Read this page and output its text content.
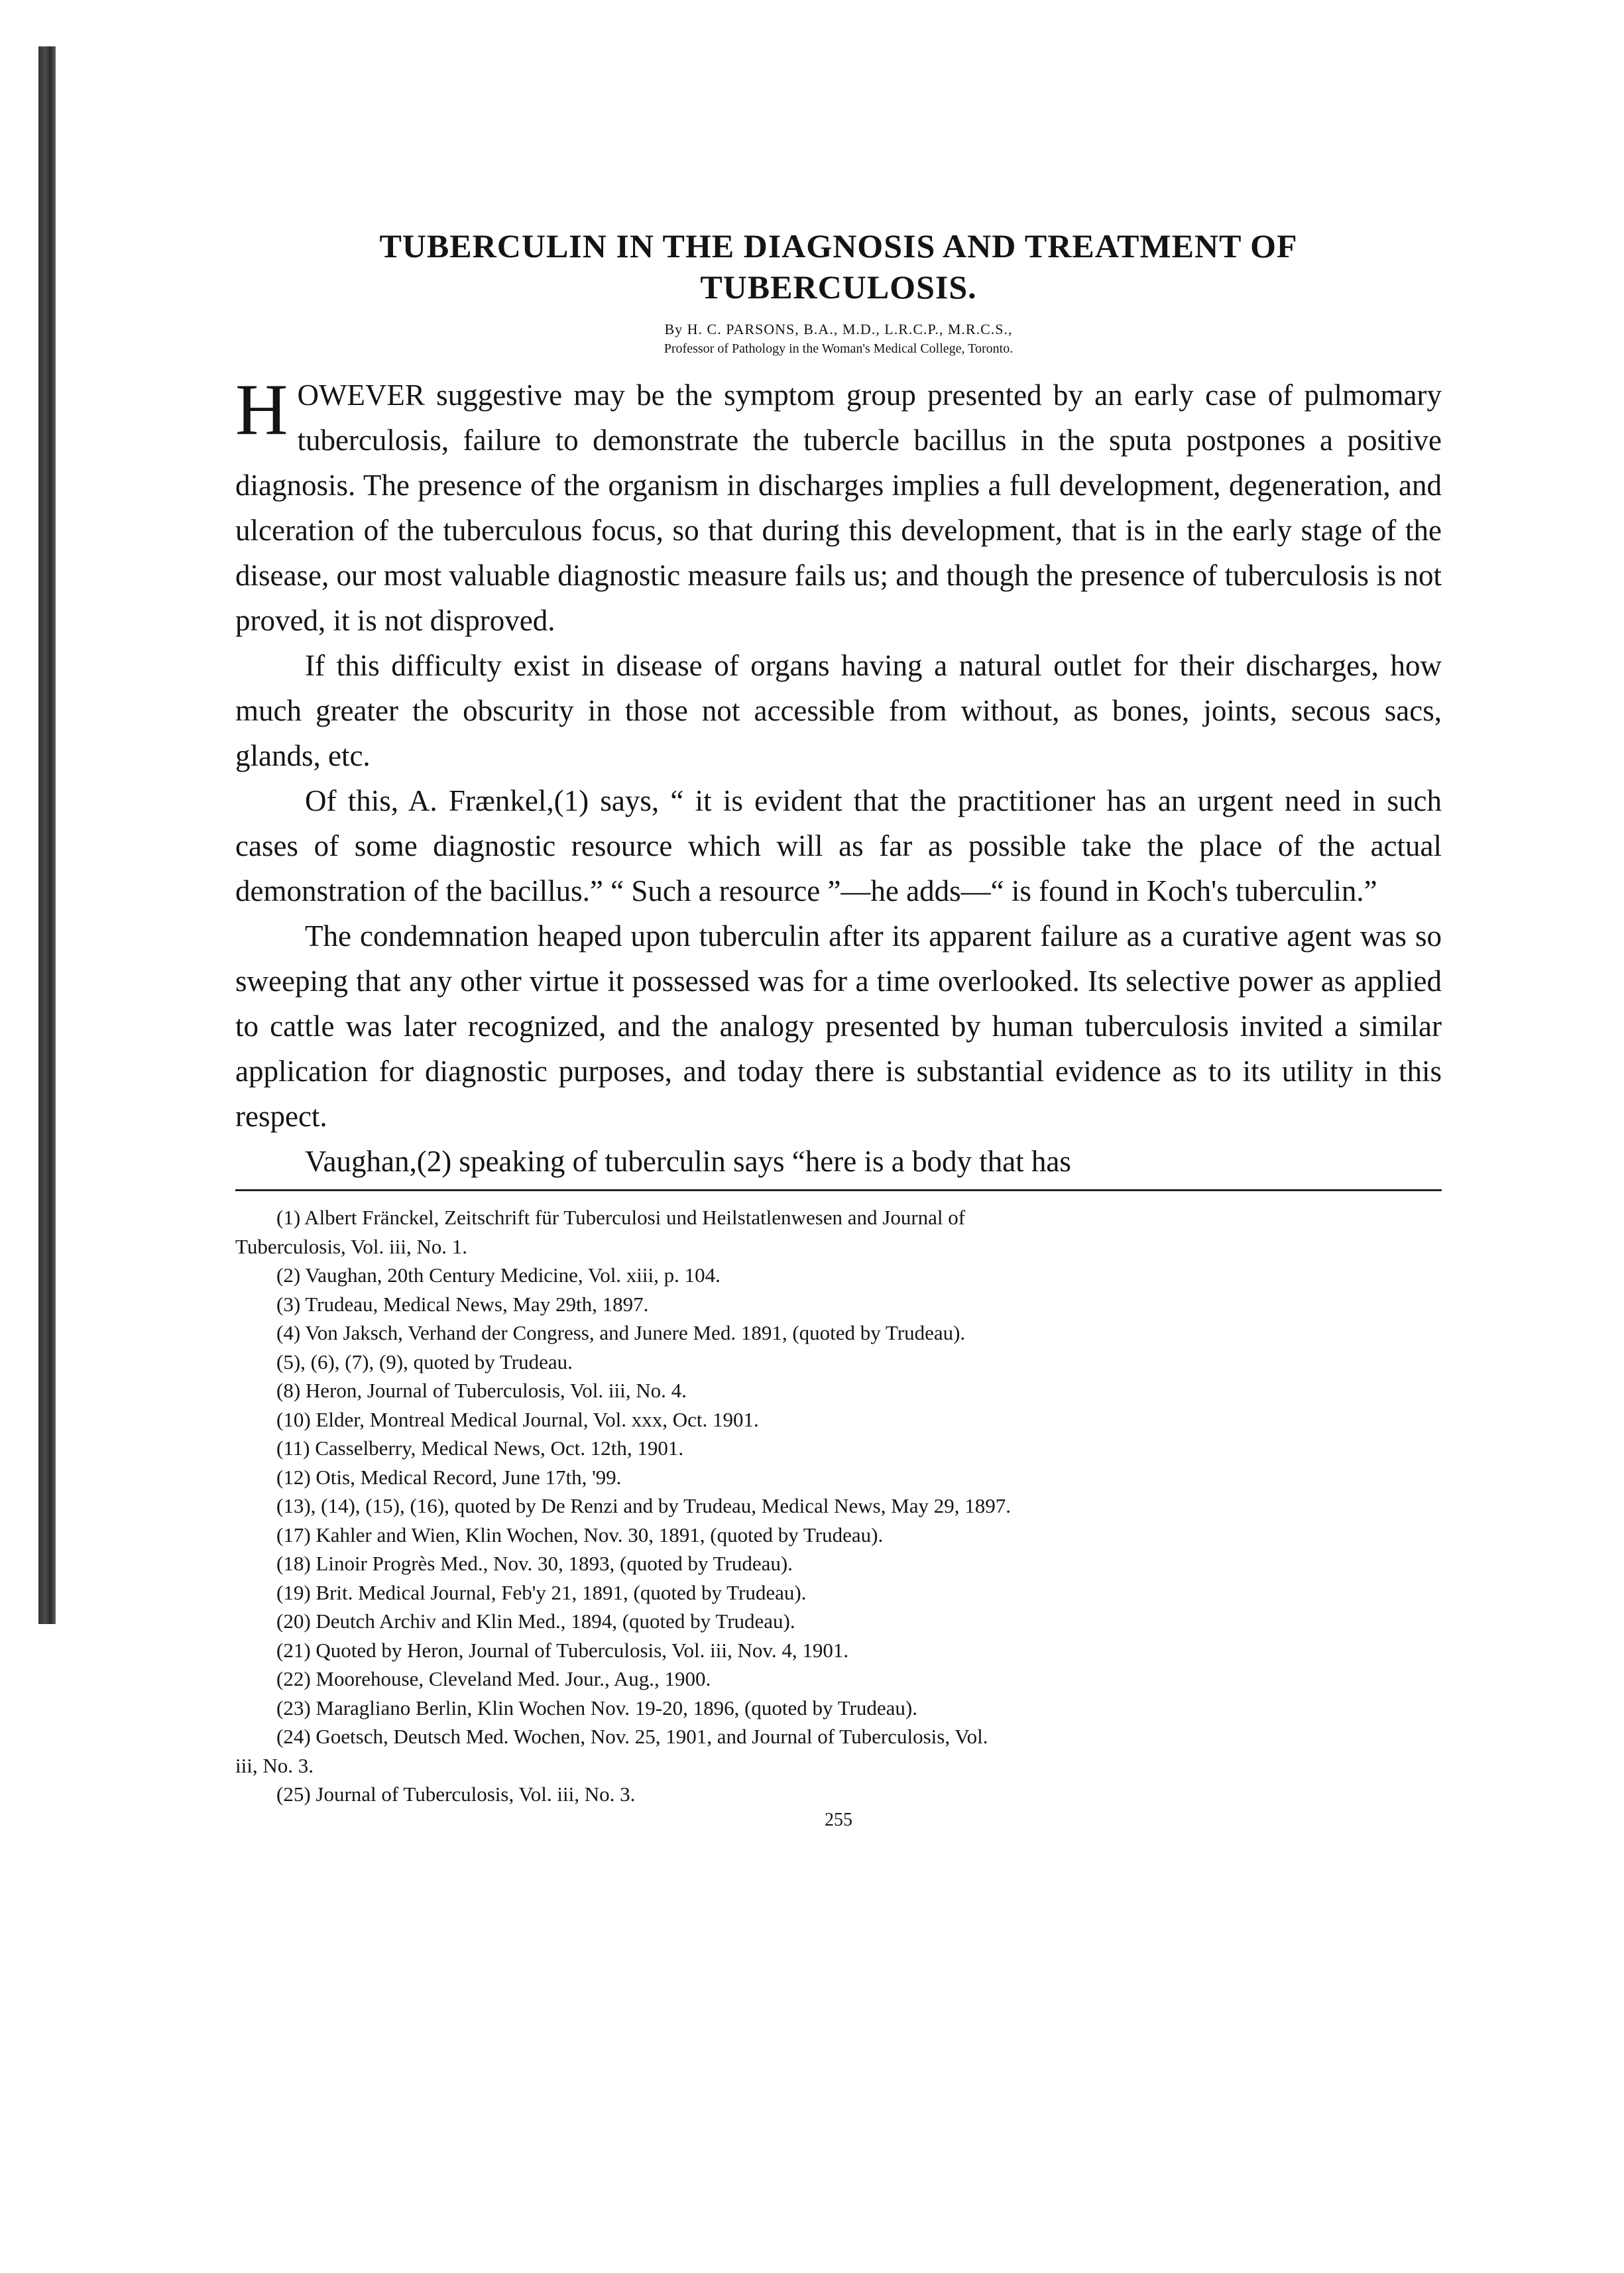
TUBERCULIN IN THE DIAGNOSIS AND TREATMENT OF
TUBERCULOSIS.
By H. C. PARSONS, B.A., M.D., L.R.C.P., M.R.C.S.,
Professor of Pathology in the Woman's Medical College, Toronto.

HOWEVER suggestive may be the symptom group presented by an early case of pulmomary tuberculosis, failure to demonstrate the tubercle bacillus in the sputa postpones a positive diagnosis. The presence of the organism in discharges implies a full development, degeneration, and ulceration of the tuberculous focus, so that during this development, that is in the early stage of the disease, our most valuable diagnostic measure fails us; and though the presence of tuberculosis is not proved, it is not disproved.

If this difficulty exist in disease of organs having a natural outlet for their discharges, how much greater the obscurity in those not accessible from without, as bones, joints, secous sacs, glands, etc.

Of this, A. Frænkel,(1) says, “ it is evident that the practitioner has an urgent need in such cases of some diagnostic resource which will as far as possible take the place of the actual demonstration of the bacillus.” “ Such a resource ”—he adds—“ is found in Koch's tuberculin.”

The condemnation heaped upon tuberculin after its apparent failure as a curative agent was so sweeping that any other virtue it possessed was for a time overlooked. Its selective power as applied to cattle was later recognized, and the analogy presented by human tuberculosis invited a similar application for diagnostic purposes, and today there is substantial evidence as to its utility in this respect.

Vaughan,(2) speaking of tuberculin says “here is a body that has

(1) Albert Fränckel, Zeitschrift für Tuberculosi und Heilstatlenwesen and Journal of
Tuberculosis, Vol. iii, No. 1.
(2) Vaughan, 20th Century Medicine, Vol. xiii, p. 104.
(3) Trudeau, Medical News, May 29th, 1897.
(4) Von Jaksch, Verhand der Congress, and Junere Med. 1891, (quoted by Trudeau).
(5), (6), (7), (9), quoted by Trudeau.
(8) Heron, Journal of Tuberculosis, Vol. iii, No. 4.
(10) Elder, Montreal Medical Journal, Vol. xxx, Oct. 1901.
(11) Casselberry, Medical News, Oct. 12th, 1901.
(12) Otis, Medical Record, June 17th, '99.
(13), (14), (15), (16), quoted by De Renzi and by Trudeau, Medical News, May 29, 1897.
(17) Kahler and Wien, Klin Wochen, Nov. 30, 1891, (quoted by Trudeau).
(18) Linoir Progrès Med., Nov. 30, 1893, (quoted by Trudeau).
(19) Brit. Medical Journal, Feb'y 21, 1891, (quoted by Trudeau).
(20) Deutch Archiv and Klin Med., 1894, (quoted by Trudeau).
(21) Quoted by Heron, Journal of Tuberculosis, Vol. iii, Nov. 4, 1901.
(22) Moorehouse, Cleveland Med. Jour., Aug., 1900.
(23) Maragliano Berlin, Klin Wochen Nov. 19-20, 1896, (quoted by Trudeau).
(24) Goetsch, Deutsch Med. Wochen, Nov. 25, 1901, and Journal of Tuberculosis, Vol.
iii, No. 3.
(25) Journal of Tuberculosis, Vol. iii, No. 3.
255
